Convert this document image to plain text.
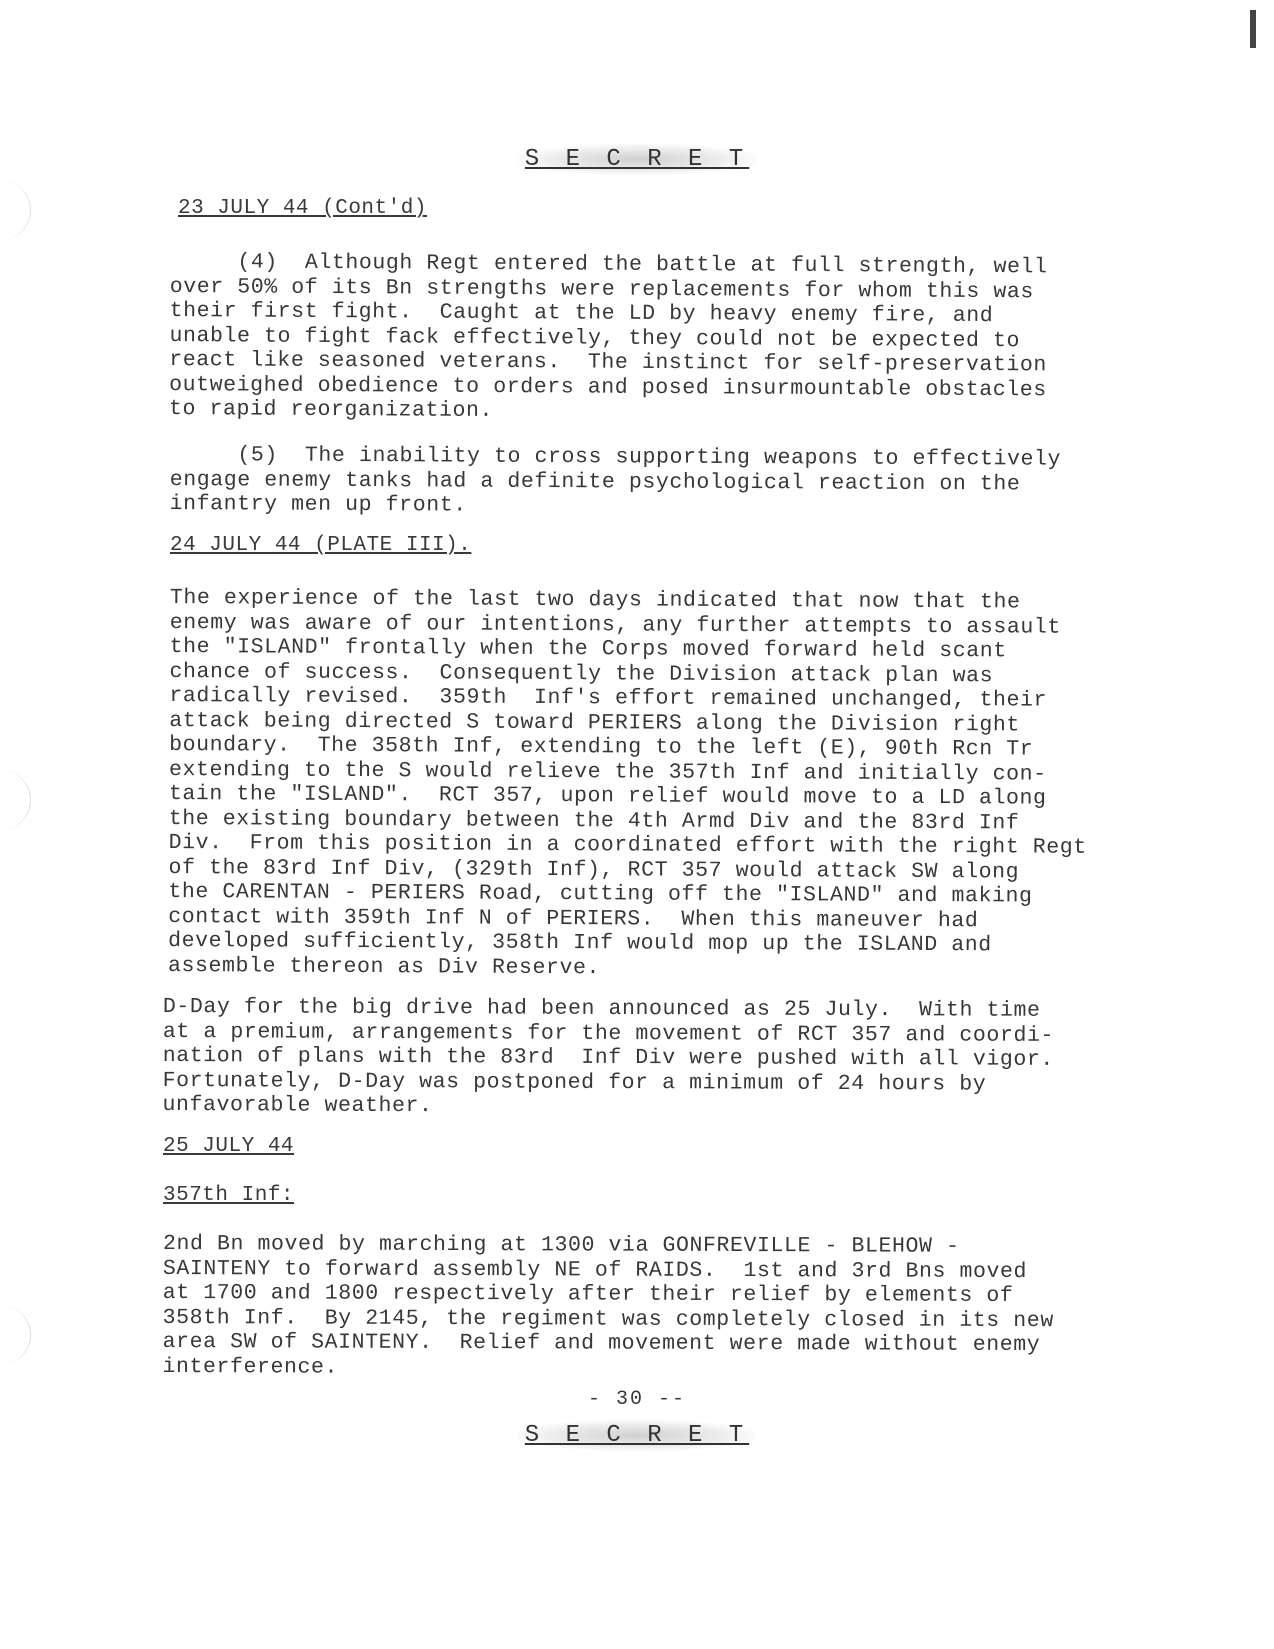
S E C R E T
23 JULY 44 (Cont'd)
(4)  Although Regt entered the battle at full strength, well
over 50% of its Bn strengths were replacements for whom this was
their first fight.  Caught at the LD by heavy enemy fire, and
unable to fight fack effectively, they could not be expected to
react like seasoned veterans.  The instinct for self-preservation
outweighed obedience to orders and posed insurmountable obstacles
to rapid reorganization.
(5)  The inability to cross supporting weapons to effectively
engage enemy tanks had a definite psychological reaction on the
infantry men up front.
24 JULY 44 (PLATE III).
The experience of the last two days indicated that now that the
enemy was aware of our intentions, any further attempts to assault
the "ISLAND" frontally when the Corps moved forward held scant
chance of success.  Consequently the Division attack plan was
radically revised.  359th  Inf's effort remained unchanged, their
attack being directed S toward PERIERS along the Division right
boundary.  The 358th Inf, extending to the left (E), 90th Rcn Tr
extending to the S would relieve the 357th Inf and initially con-
tain the "ISLAND".  RCT 357, upon relief would move to a LD along
the existing boundary between the 4th Armd Div and the 83rd Inf
Div.  From this position in a coordinated effort with the right Regt
of the 83rd Inf Div, (329th Inf), RCT 357 would attack SW along
the CARENTAN - PERIERS Road, cutting off the "ISLAND" and making
contact with 359th Inf N of PERIERS.  When this maneuver had
developed sufficiently, 358th Inf would mop up the ISLAND and
assemble thereon as Div Reserve.
D-Day for the big drive had been announced as 25 July.  With time
at a premium, arrangements for the movement of RCT 357 and coordi-
nation of plans with the 83rd  Inf Div were pushed with all vigor.
Fortunately, D-Day was postponed for a minimum of 24 hours by
unfavorable weather.
25 JULY 44
357th Inf:
2nd Bn moved by marching at 1300 via GONFREVILLE - BLEHOW -
SAINTENY to forward assembly NE of RAIDS.  1st and 3rd Bns moved
at 1700 and 1800 respectively after their relief by elements of
358th Inf.  By 2145, the regiment was completely closed in its new
area SW of SAINTENY.  Relief and movement were made without enemy
interference.
- 30 --
S E C R E T
